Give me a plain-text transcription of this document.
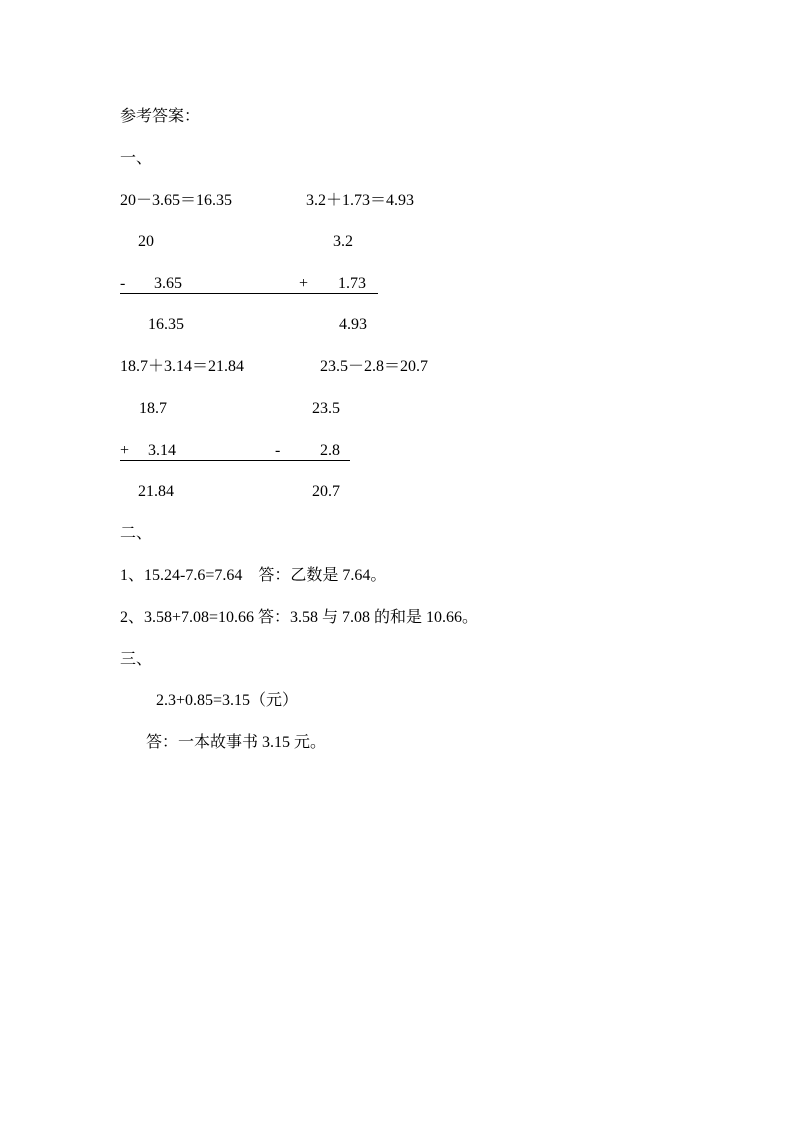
参考答案：
一、
20－3.65＝16.35	3.2＋1.73＝4.93
20	3.2
- 3.65	+ 1.73
16.35	4.93
18.7＋3.14＝21.84	23.5－2.8＝20.7
18.7	23.5
+ 3.14	- 2.8
21.84	20.7
二、
1、15.24-7.6=7.64　答：乙数是 7.64。
2、3.58+7.08=10.66 答：3.58 与 7.08 的和是 10.66。
三、
2.3+0.85=3.15（元）
答：一本故事书 3.15 元。
